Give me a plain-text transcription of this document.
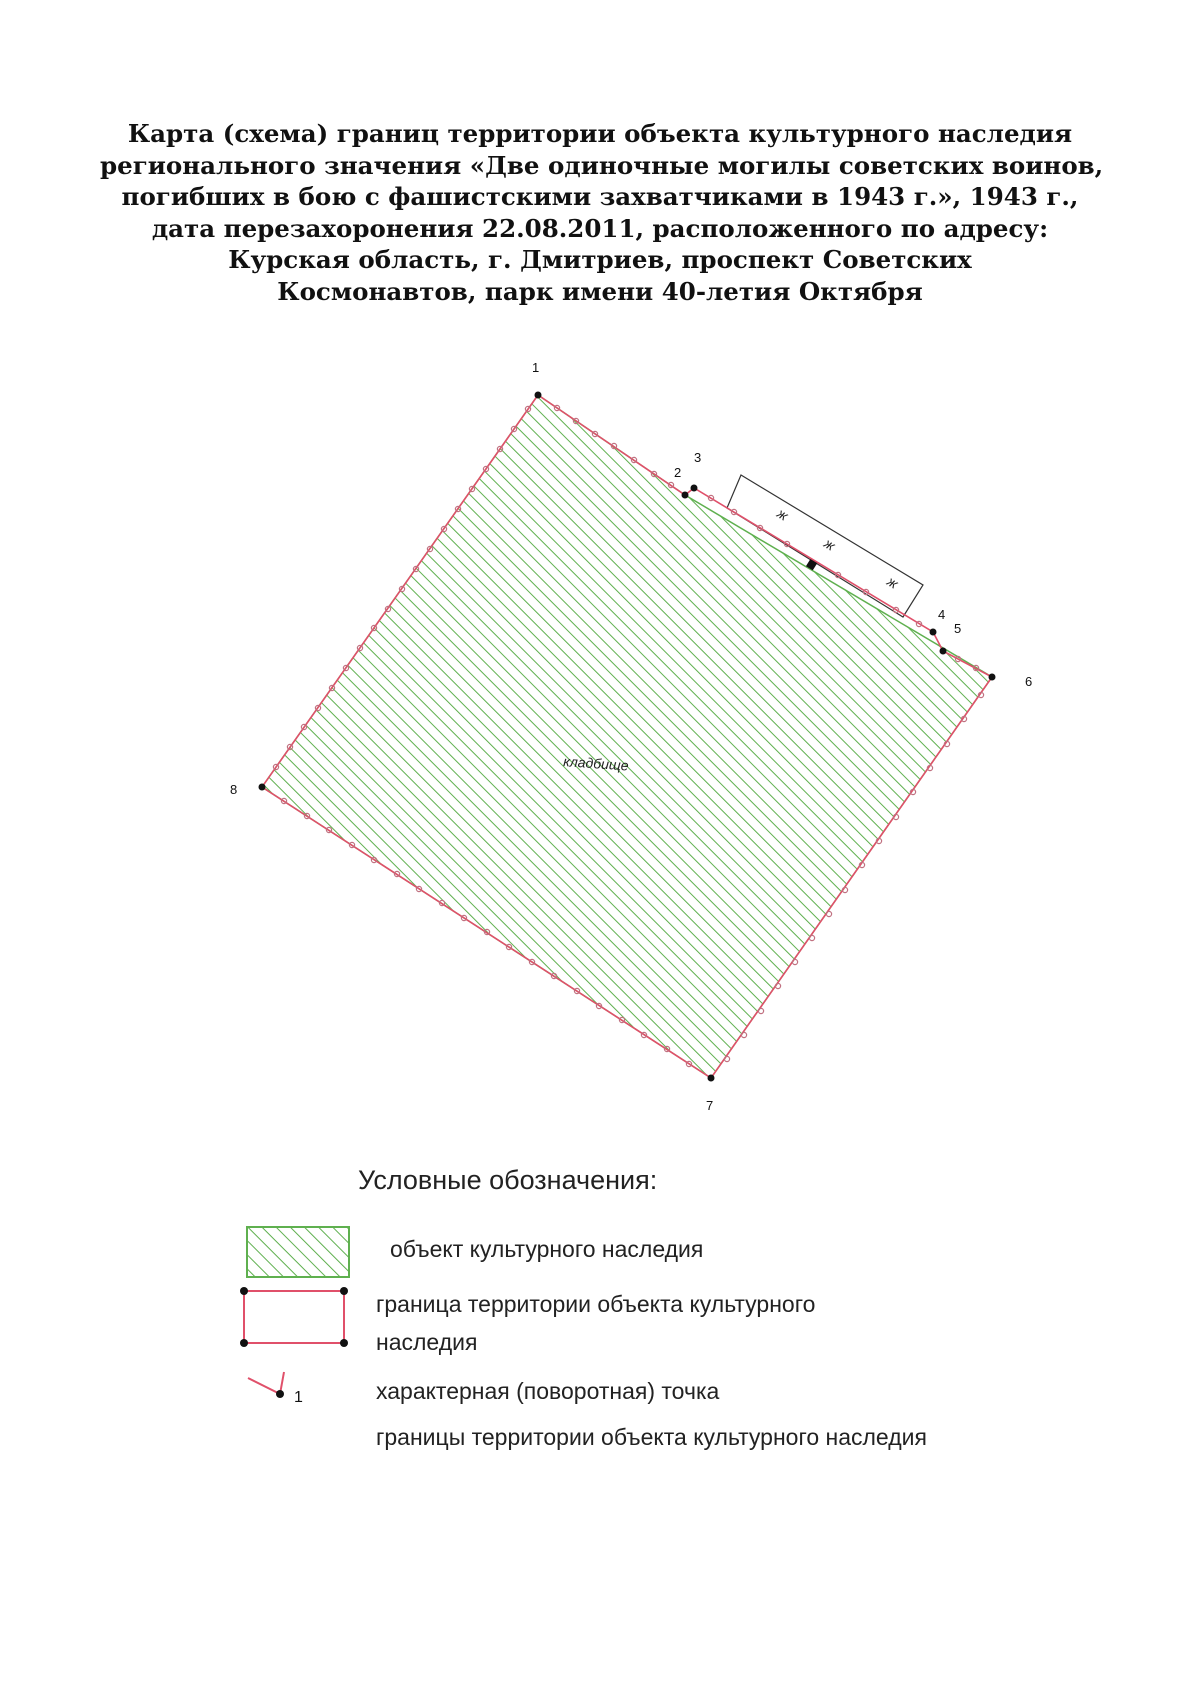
Карта (схема) границ территории объекта культурного наследия
регионального значения «Две одиночные могилы советских воинов,
погибших в бою с фашистскими захватчиками в 1943 г.», 1943 г.,
дата перезахоронения 22.08.2011, расположенного по адресу:
Курская область, г. Дмитриев, проспект Советских
Космонавтов, парк имени 40-летия Октября
ж
ж
ж
1
2
3
4
5
6
7
8
кладбище
Условные обозначения:
объект культурного наследия
граница территории объекта культурного
наследия
1	характерная (поворотная) точка
границы территории объекта культурного наследия
